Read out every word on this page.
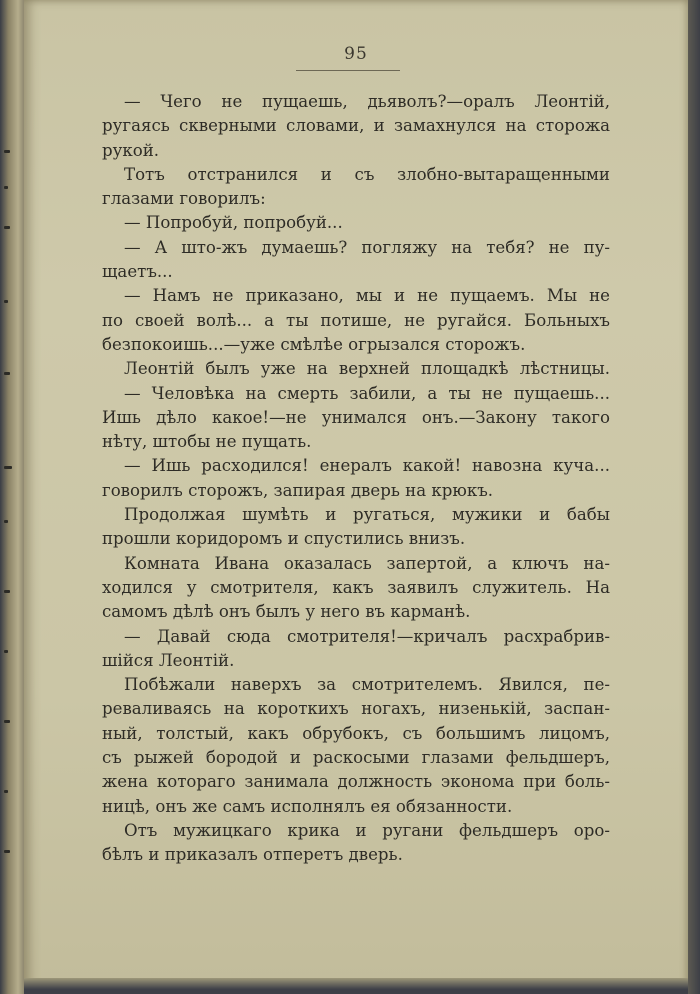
95
— Чего не пущаешь, дьяволъ?—оралъ Леонтій,
ругаясь скверными словами, и замахнулся на сторожа
рукой.
Тотъ отстранился и съ злобно-вытаращенными
глазами говорилъ:
— Попробуй, попробуй...
— А што-жъ думаешь? погляжу на тебя? не пу-
щаетъ...
— Намъ не приказано, мы и не пущаемъ. Мы не
по своей волѣ... а ты потише, не ругайся. Больныхъ
безпокоишь...—уже смѣлѣе огрызался сторожъ.
Леонтій былъ уже на верхней площадкѣ лѣстницы.
— Человѣка на смерть забили, а ты не пущаешь...
Ишь дѣло какое!—не унимался онъ.—Закону такого
нѣту, штобы не пущать.
— Ишь расходился! енералъ какой! навозна куча...
говорилъ сторожъ, запирая дверь на крюкъ.
Продолжая шумѣть и ругаться, мужики и бабы
прошли коридоромъ и спустились внизъ.
Комната Ивана оказалась запертой, а ключъ на-
ходился у смотрителя, какъ заявилъ служитель. На
самомъ дѣлѣ онъ былъ у него въ карманѣ.
— Давай сюда смотрителя!—кричалъ расхрабрив-
шійся Леонтій.
Побѣжали наверхъ за смотрителемъ. Явился, пе-
реваливаясь на короткихъ ногахъ, низенькій, заспан-
ный, толстый, какъ обрубокъ, съ большимъ лицомъ,
съ рыжей бородой и раскосыми глазами фельдшеръ,
жена котораго занимала должность эконома при боль-
ницѣ, онъ же самъ исполнялъ ея обязанности.
Отъ мужицкаго крика и ругани фельдшеръ оро-
бѣлъ и приказалъ отперетъ дверь.
